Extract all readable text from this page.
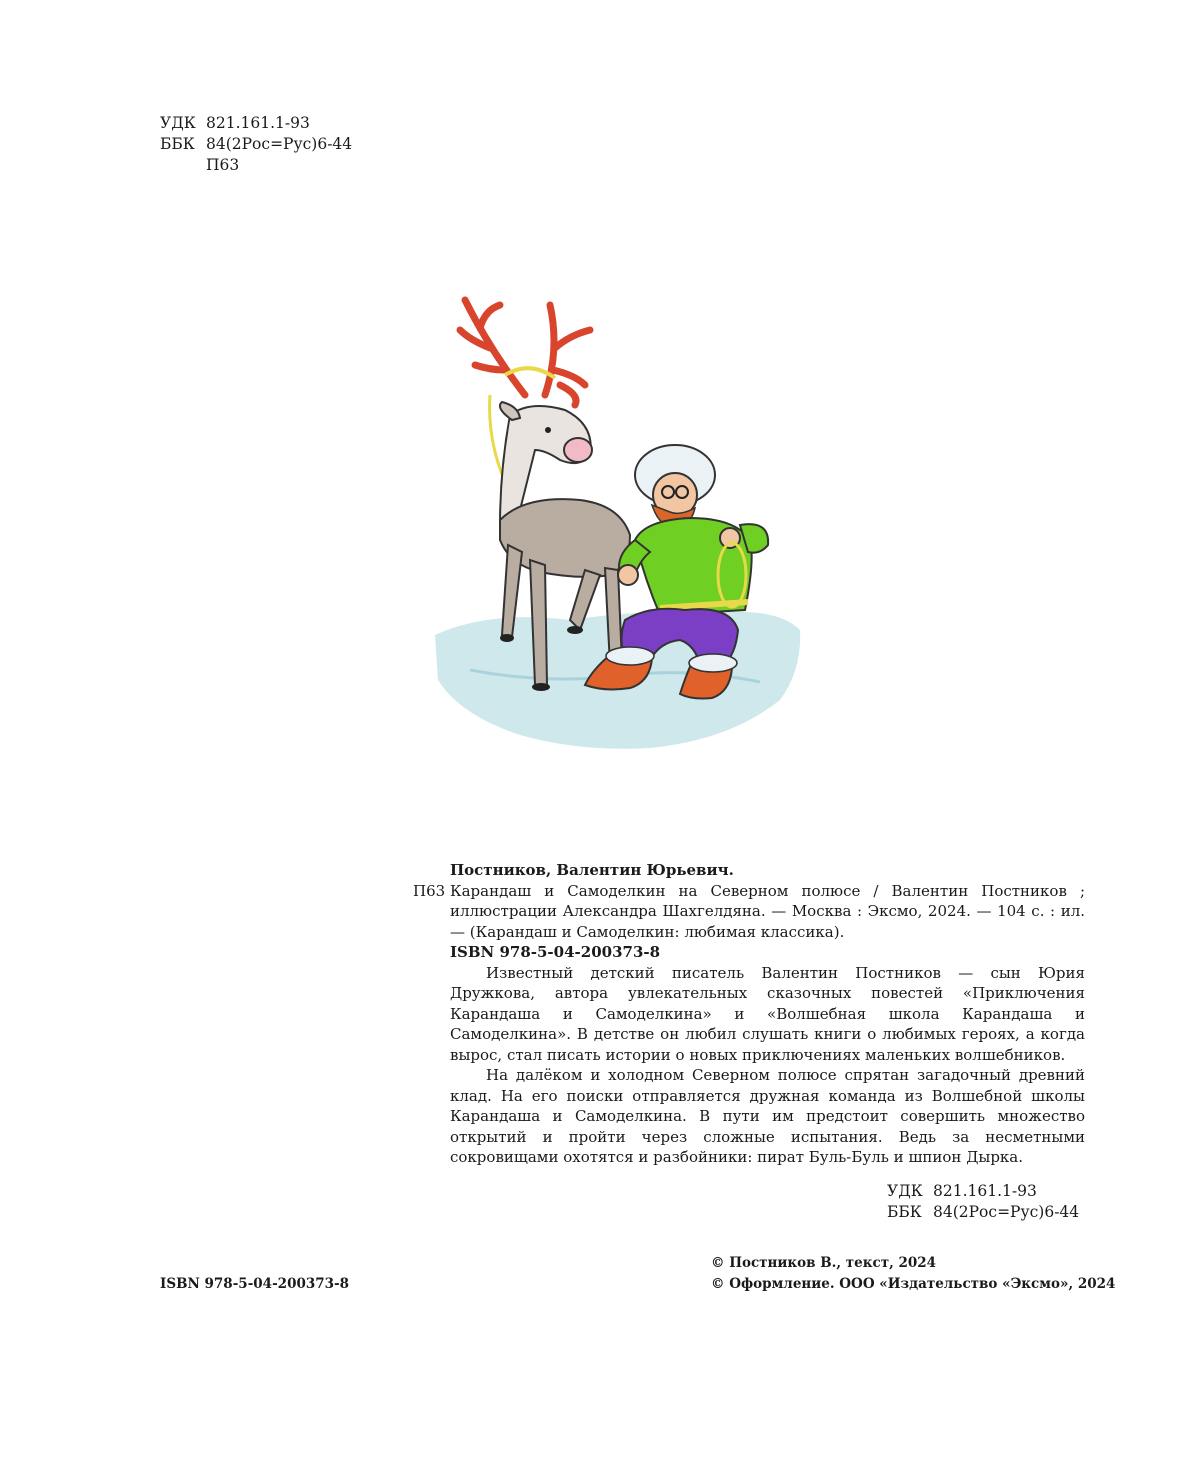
УДК 821.161.1-93
ББК 84(2Рос=Рус)6-44
П63
Постников, Валентин Юрьевич.
П63 Карандаш и Самоделкин на Северном полюсе / Валентин Постников ; иллюстрации Александра Шахгелдяна. — Москва : Эксмо, 2024. — 104 с. : ил. — (Карандаш и Самоделкин: любимая классика).
ISBN 978-5-04-200373-8

Известный детский писатель Валентин Постников — сын Юрия Дружкова, автора увлекательных сказочных повестей «Приключения Карандаша и Самоделкина» и «Волшебная школа Карандаша и Самоделкина». В детстве он любил слушать книги о любимых героях, а когда вырос, стал писать истории о новых приключениях маленьких волшебников.

На далёком и холодном Северном полюсе спрятан загадочный древний клад. На его поиски отправляется дружная команда из Волшебной школы Карандаша и Самоделкина. В пути им предстоит совершить множество открытий и пройти через сложные испытания. Ведь за несметными сокровищами охотятся и разбойники: пират Буль-Буль и шпион Дырка.

УДК 821.161.1-93
ББК 84(2Рос=Рус)6-44
© Постников В., текст, 2024
© Оформление. ООО «Издательство «Эксмо», 2024
ISBN 978-5-04-200373-8
